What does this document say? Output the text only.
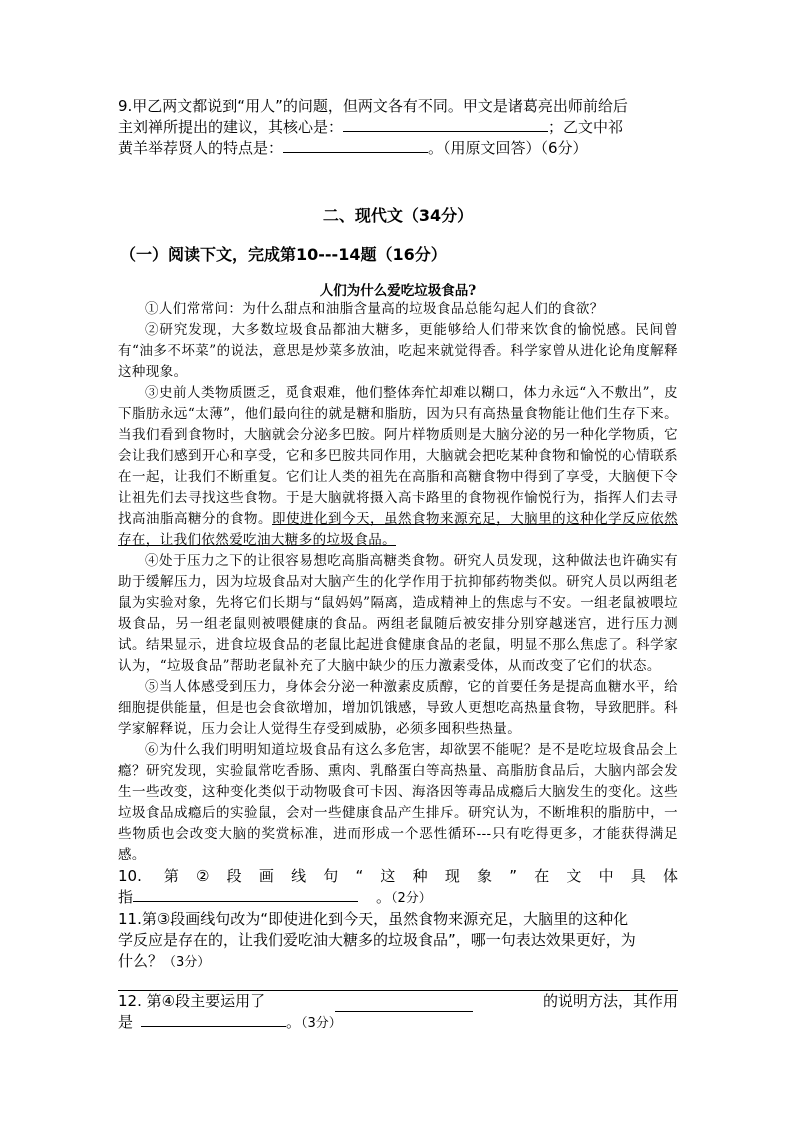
9.甲乙两文都说到“用人”的问题，但两文各有不同。甲文是诸葛亮出师前给后

主刘禅所提出的建议，其核心是：	；乙文中祁

黄羊举荐贤人的特点是：	。（用原文回答）（6分）

二、现代文（34分）

（一）阅读下文，完成第10---14题（16分）

人们为什么爱吃垃圾食品?

①人们常常问：为什么甜点和油脂含量高的垃圾食品总能勾起人们的食欲？

②研究发现，大多数垃圾食品都油大糖多，更能够给人们带来饮食的愉悦感。民间曾有“油多不坏菜”的说法，意思是炒菜多放油，吃起来就觉得香。科学家曾从进化论角度解释这种现象。

③史前人类物质匮乏，觅食艰难，他们整体奔忙却难以糊口，体力永远“入不敷出”，皮下脂肪永远“太薄”，他们最向往的就是糖和脂肪，因为只有高热量食物能让他们生存下来。当我们看到食物时，大脑就会分泌多巴胺。阿片样物质则是大脑分泌的另一种化学物质，它会让我们感到开心和享受，它和多巴胺共同作用，大脑就会把吃某种食物和愉悦的心情联系在一起，让我们不断重复。它们让人类的祖先在高脂和高糖食物中得到了享受，大脑便下令让祖先们去寻找这些食物。于是大脑就将摄入高卡路里的食物视作愉悦行为，指挥人们去寻找高油脂高糖分的食物。即使进化到今天，虽然食物来源充足，大脑里的这种化学反应依然存在，让我们依然爱吃油大糖多的垃圾食品。

④处于压力之下的让很容易想吃高脂高糖类食物。研究人员发现，这种做法也许确实有助于缓解压力，因为垃圾食品对大脑产生的化学作用于抗抑郁药物类似。研究人员以两组老鼠为实验对象，先将它们长期与“鼠妈妈”隔离，造成精神上的焦虑与不安。一组老鼠被喂垃圾食品，另一组老鼠则被喂健康的食品。两组老鼠随后被安排分别穿越迷宫，进行压力测试。结果显示，进食垃圾食品的老鼠比起进食健康食品的老鼠，明显不那么焦虑了。科学家认为，“垃圾食品”帮助老鼠补充了大脑中缺少的压力激素受体，从而改变了它们的状态。

⑤当人体感受到压力，身体会分泌一种激素皮质醇，它的首要任务是提高血糖水平，给细胞提供能量，但是也会食欲增加，增加饥饿感，导致人更想吃高热量食物，导致肥胖。科学家解释说，压力会让人觉得生存受到威胁，必须多囤积些热量。

⑥为什么我们明明知道垃圾食品有这么多危害，却欲罢不能呢？是不是吃垃圾食品会上瘾？研究发现，实验鼠常吃香肠、熏肉、乳酪蛋白等高热量、高脂肪食品后，大脑内部会发生一些改变，这种变化类似于动物吸食可卡因、海洛因等毒品成瘾后大脑发生的变化。这些垃圾食品成瘾后的实验鼠，会对一些健康食品产生排斥。研究认为，不断堆积的脂肪中，一些物质也会改变大脑的奖赏标准，进而形成一个恶性循环---只有吃得更多，才能获得满足感。

10. 第②段画线句“这种现象”在文中具体

指	。（2分）

11.第③段画线句改为“即使进化到今天，虽然食物来源充足，大脑里的这种化

学反应是存在的，让我们爱吃油大糖多的垃圾食品”，哪一句表达效果更好，为

什么？（3分）

12. 第④段主要运用了	的说明方法，其作用

是	。（3分）
